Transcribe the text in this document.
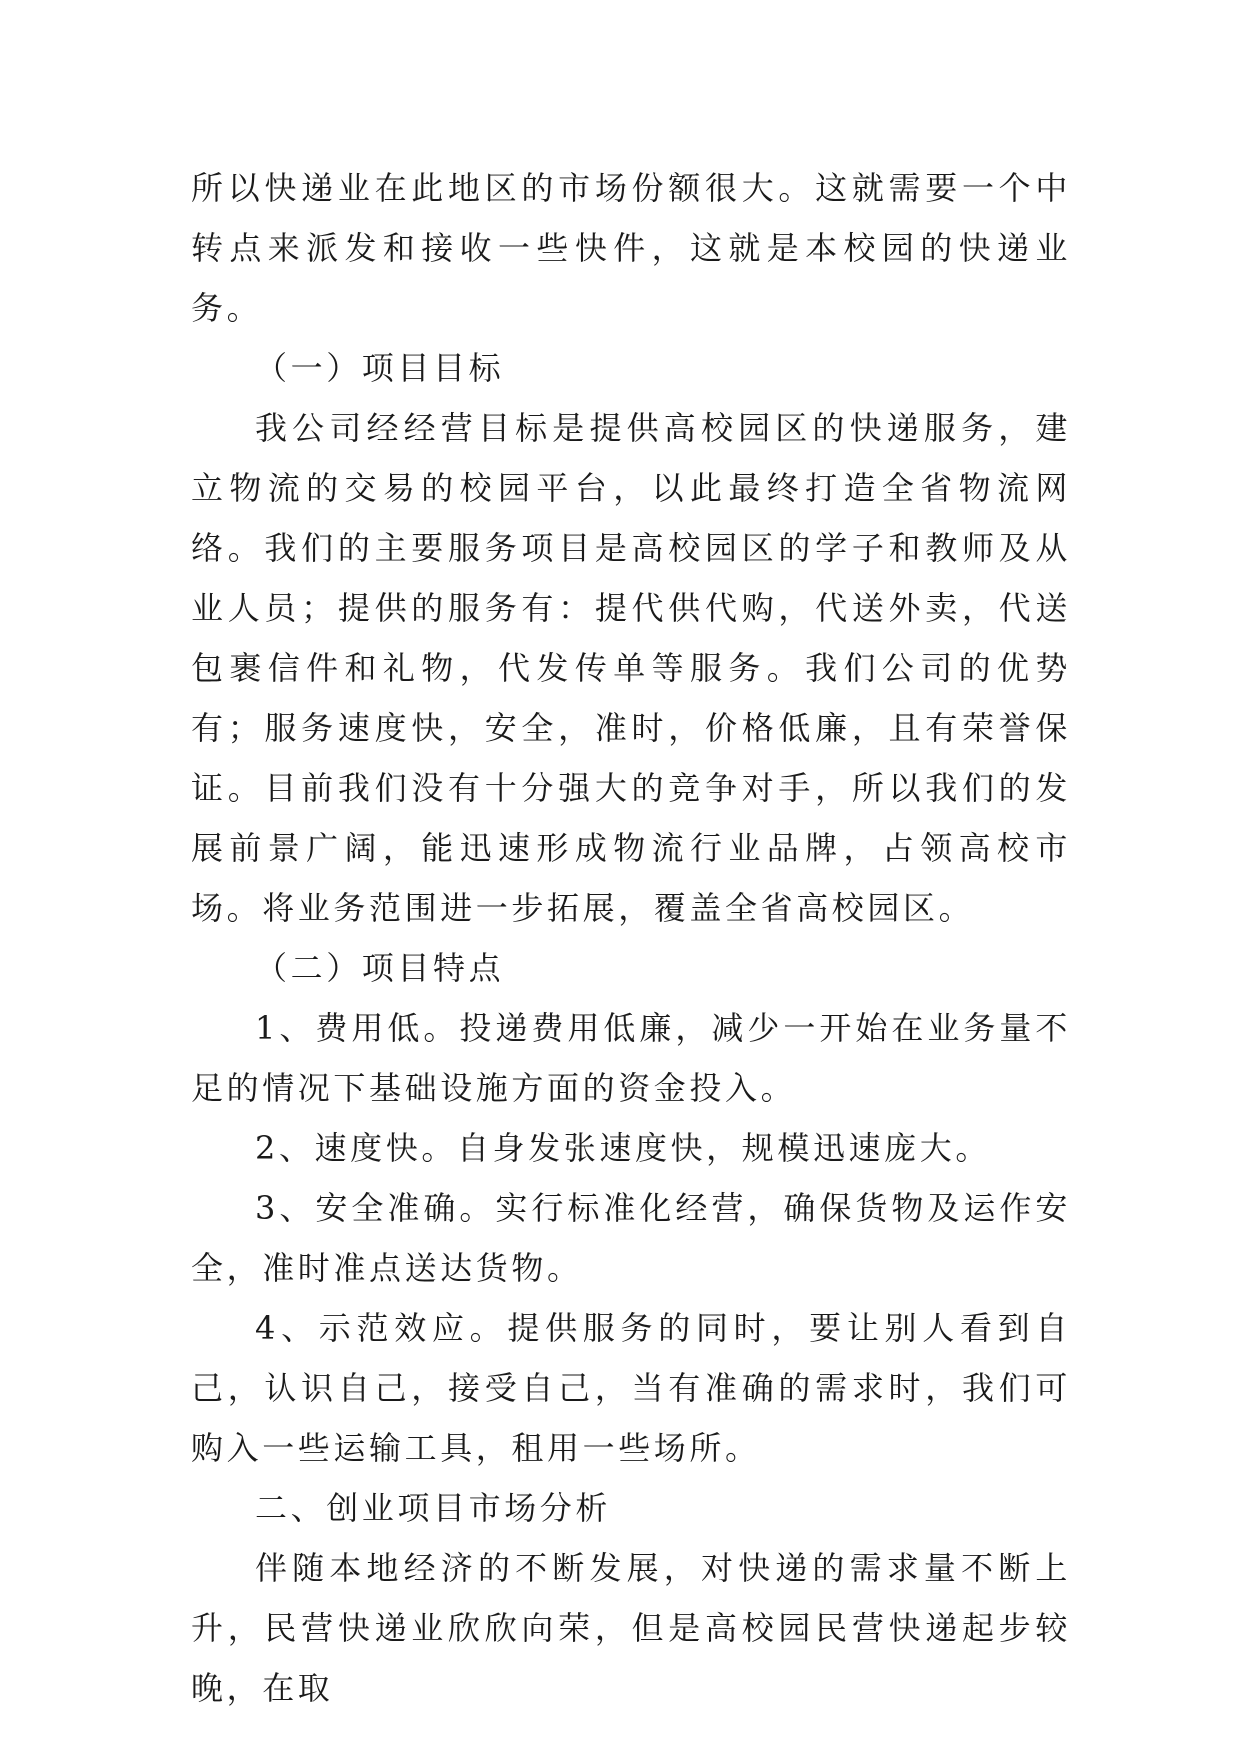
所以快递业在此地区的市场份额很大。这就需要一个中转点来派发和接收一些快件，这就是本校园的快递业务。

（一）项目目标

我公司经经营目标是提供高校园区的快递服务，建立物流的交易的校园平台，以此最终打造全省物流网络。我们的主要服务项目是高校园区的学子和教师及从业人员；提供的服务有：提代供代购，代送外卖，代送包裹信件和礼物，代发传单等服务。我们公司的优势有；服务速度快，安全，准时，价格低廉，且有荣誉保证。目前我们没有十分强大的竞争对手，所以我们的发展前景广阔，能迅速形成物流行业品牌，占领高校市场。将业务范围进一步拓展，覆盖全省高校园区。

（二）项目特点

1、费用低。投递费用低廉，减少一开始在业务量不足的情况下基础设施方面的资金投入。

2、速度快。自身发张速度快，规模迅速庞大。

3、安全准确。实行标准化经营，确保货物及运作安全，准时准点送达货物。

4、示范效应。提供服务的同时，要让别人看到自己，认识自己，接受自己，当有准确的需求时，我们可购入一些运输工具，租用一些场所。

二、创业项目市场分析

伴随本地经济的不断发展，对快递的需求量不断上升，民营快递业欣欣向荣，但是高校园民营快递起步较晚，在取
